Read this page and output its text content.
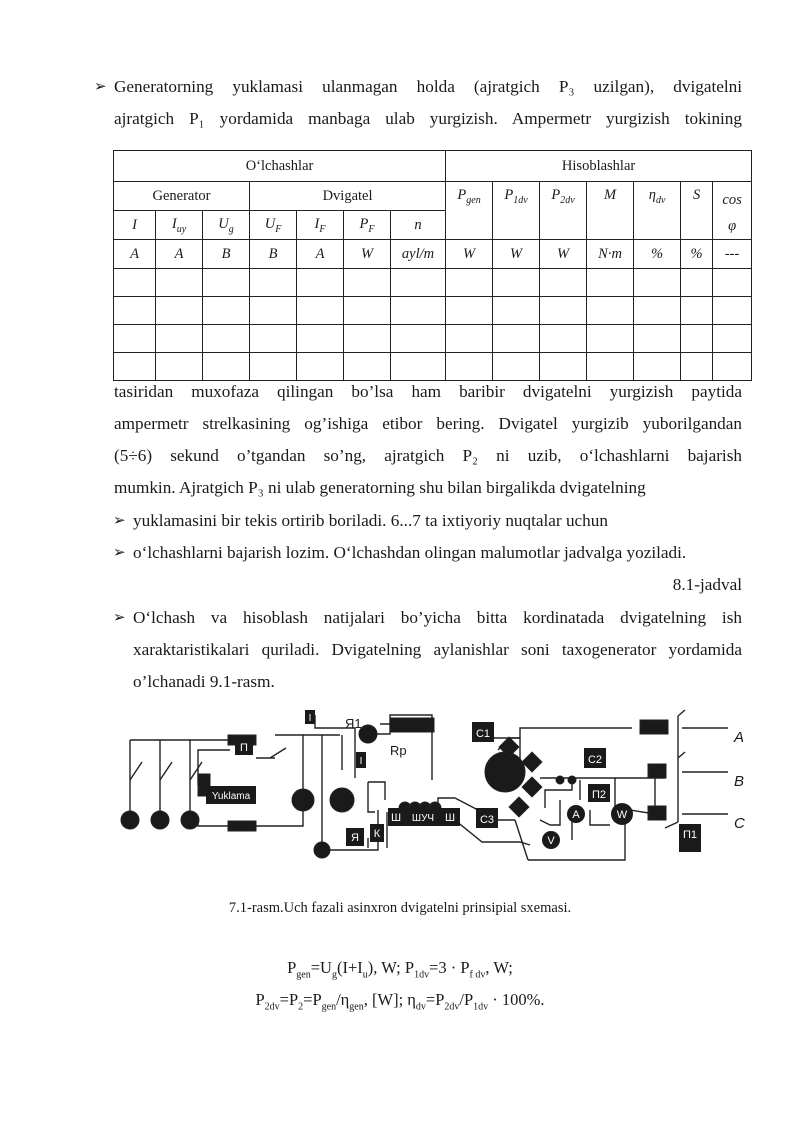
➢ Generatorning yuklamasi ulanmagan holda (ajratgich P₃ uzilgan), dvigatelni
ajratgich P₁ yordamida manbaga ulab yurgizish. Ampermetr yurgizish tokining
O‘lchashlar							Hisoblashlar						
Generator			Dvigatel				$P_{gen}$	$P_{1dv}$	$P_{2dv}$	M	$\eta_{dv}$	S	cos
φ
I	$I_{uy}$	$U_g$	$U_F$	$I_F$	$P_F$	n							
A	A	B	B	A	W	ayl/m	W	W	W	N·m	%	%	---

tasiridan muxofaza qilingan bo’lsa ham baribir dvigatelni yurgizish paytida
ampermetr strelkasining og’ishiga etibor bering. Dvigatel yurgizib yuborilgandan
(5÷6) sekund o’tgandan so’ng, ajratgich P₂ ni uzib, o‘lchashlarni bajarish
mumkin. Ajratgich P₃ ni ulab generatorning shu bilan birgalikda dvigatelning
➢ yuklamasini bir tekis ortirib boriladi. 6...7 ta ixtiyoriy nuqtalar uchun
➢ o‘lchashlarni bajarish lozim. O‘lchashdan olingan malumotlar jadvalga yoziladi.
8.1-jadval
➢ O‘lchash va hisoblash natijalari bo’yicha bitta kordinatada dvigatelning ish
xaraktaristikalari quriladi. Dvigatelning aylanishlar soni taxogenerator yordamida
o’lchanadi 9.1-rasm.
П
Yuklama
I	Я1
Rp
I
Я К
Ш ШУЧ Ш
С1
С2
С3
П2
A	W
V	П1
A
B
C
7.1-rasm.Uch fazali asinxron dvigatelni prinsipial sxemasi.
$P_{gen}=U_g(I+I_u)$, W; $P_{1dv}=3 \cdot P_{f dv}$, W;
$P_{2dv}=P_2=P_{gen}/\eta_{gen}$, [W]; $\eta_{dv}=P_{2dv}/P_{1dv} \cdot 100\%$.
